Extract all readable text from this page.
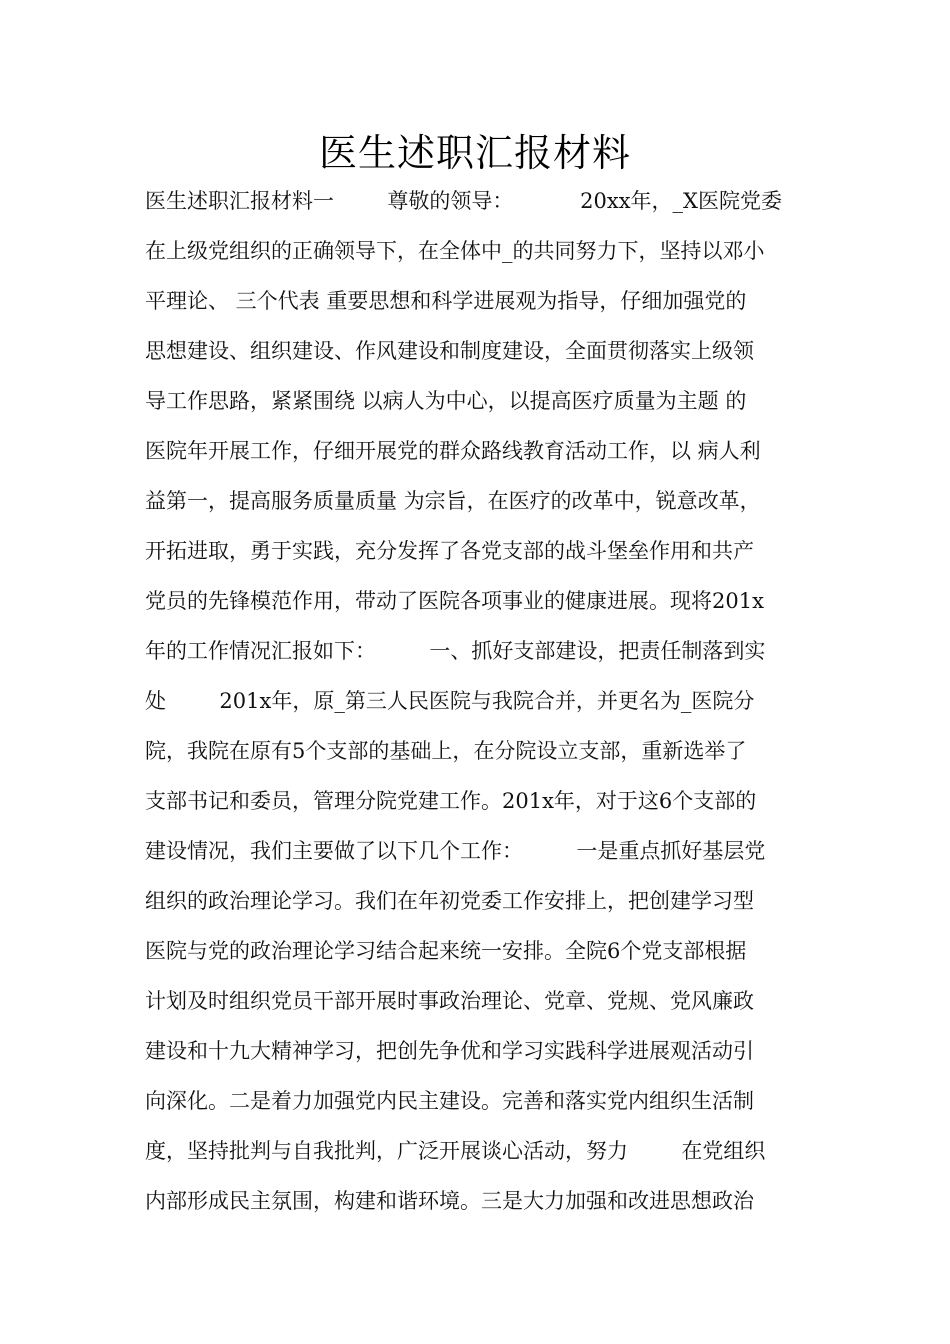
医生述职汇报材料
医生述职汇报材料一        尊敬的领导：          20xx年，_X医院党委
在上级党组织的正确领导下，在全体中_的共同努力下，坚持以邓小
平理论、 三个代表 重要思想和科学进展观为指导，仔细加强党的
思想建设、组织建设、作风建设和制度建设，全面贯彻落实上级领
导工作思路，紧紧围绕 以病人为中心，以提高医疗质量为主题 的
医院年开展工作，仔细开展党的群众路线教育活动工作，以 病人利
益第一，提高服务质量质量 为宗旨，在医疗的改革中，锐意改革，
开拓进取，勇于实践，充分发挥了各党支部的战斗堡垒作用和共产
党员的先锋模范作用，带动了医院各项事业的健康进展。现将201x
年的工作情况汇报如下：        一、抓好支部建设，把责任制落到实
处        201x年，原_第三人民医院与我院合并，并更名为_医院分
院，我院在原有5个支部的基础上，在分院设立支部，重新选举了
支部书记和委员，管理分院党建工作。201x年，对于这6个支部的
建设情况，我们主要做了以下几个工作：        一是重点抓好基层党
组织的政治理论学习。我们在年初党委工作安排上，把创建学习型
医院与党的政治理论学习结合起来统一安排。全院6个党支部根据
计划及时组织党员干部开展时事政治理论、党章、党规、党风廉政
建设和十九大精神学习，把创先争优和学习实践科学进展观活动引
向深化。二是着力加强党内民主建设。完善和落实党内组织生活制
度，坚持批判与自我批判，广泛开展谈心活动，努力        在党组织
内部形成民主氛围，构建和谐环境。三是大力加强和改进思想政治
